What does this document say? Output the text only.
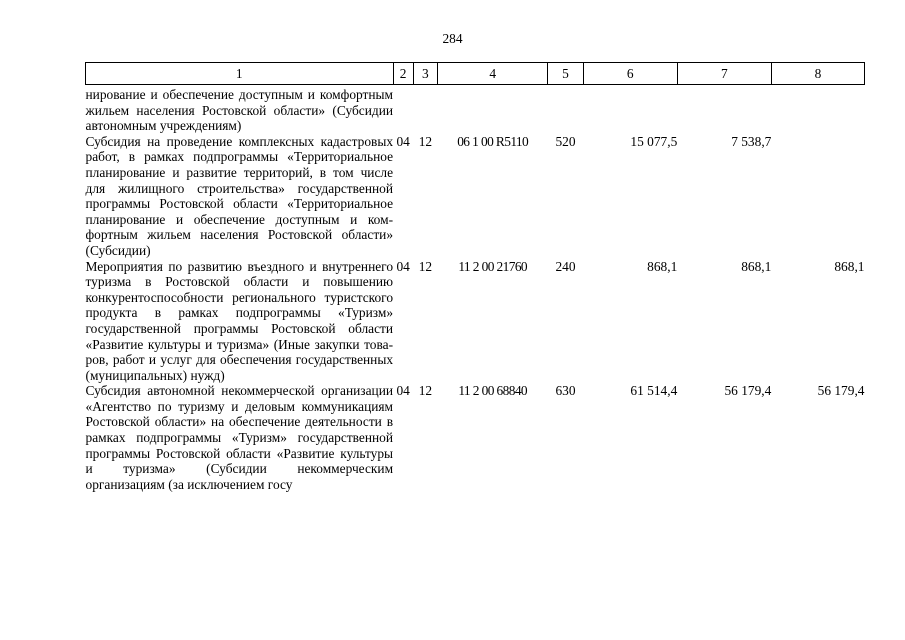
284
1	2	3	4	5	6	7	8
нирование и обеспечение доступным и комфортным жильем населения Ростовской области» (Субсидии автономным учреждениям)							
Субсидия на проведение комплексных кадастровых работ, в рамках подпрограммы «Территориальное планирование и развитие территорий, в том числе для жилищного строительства» государственной программы Ростовской области «Территориальное планирование и обеспечение доступным и комфортным жильем населения Ростовской области» (Субсидии)	04	12	06 1 00 R5110	520	15 077,5	7 538,7	
Мероприятия по развитию въездного и внутреннего туризма в Ростовской области и повышению конкурентоспособности регионального туристского продукта в рамках подпрограммы «Туризм» государственной программы Ростовской области «Развитие культуры и туризма» (Иные закупки товаров, работ и услуг для обеспечения государственных (муниципальных) нужд)	04	12	11 2 00 21760	240	868,1	868,1	868,1
Субсидия автономной некоммерческой организации «Агентство по туризму и деловым коммуникациям Ростовской области» на обеспечение деятельности в рамках подпрограммы «Туризм» государственной программы Ростовской области «Развитие культуры и туризма» (Субсидии некоммерческим организациям (за исключением госу	04	12	11 2 00 68840	630	61 514,4	56 179,4	56 179,4
